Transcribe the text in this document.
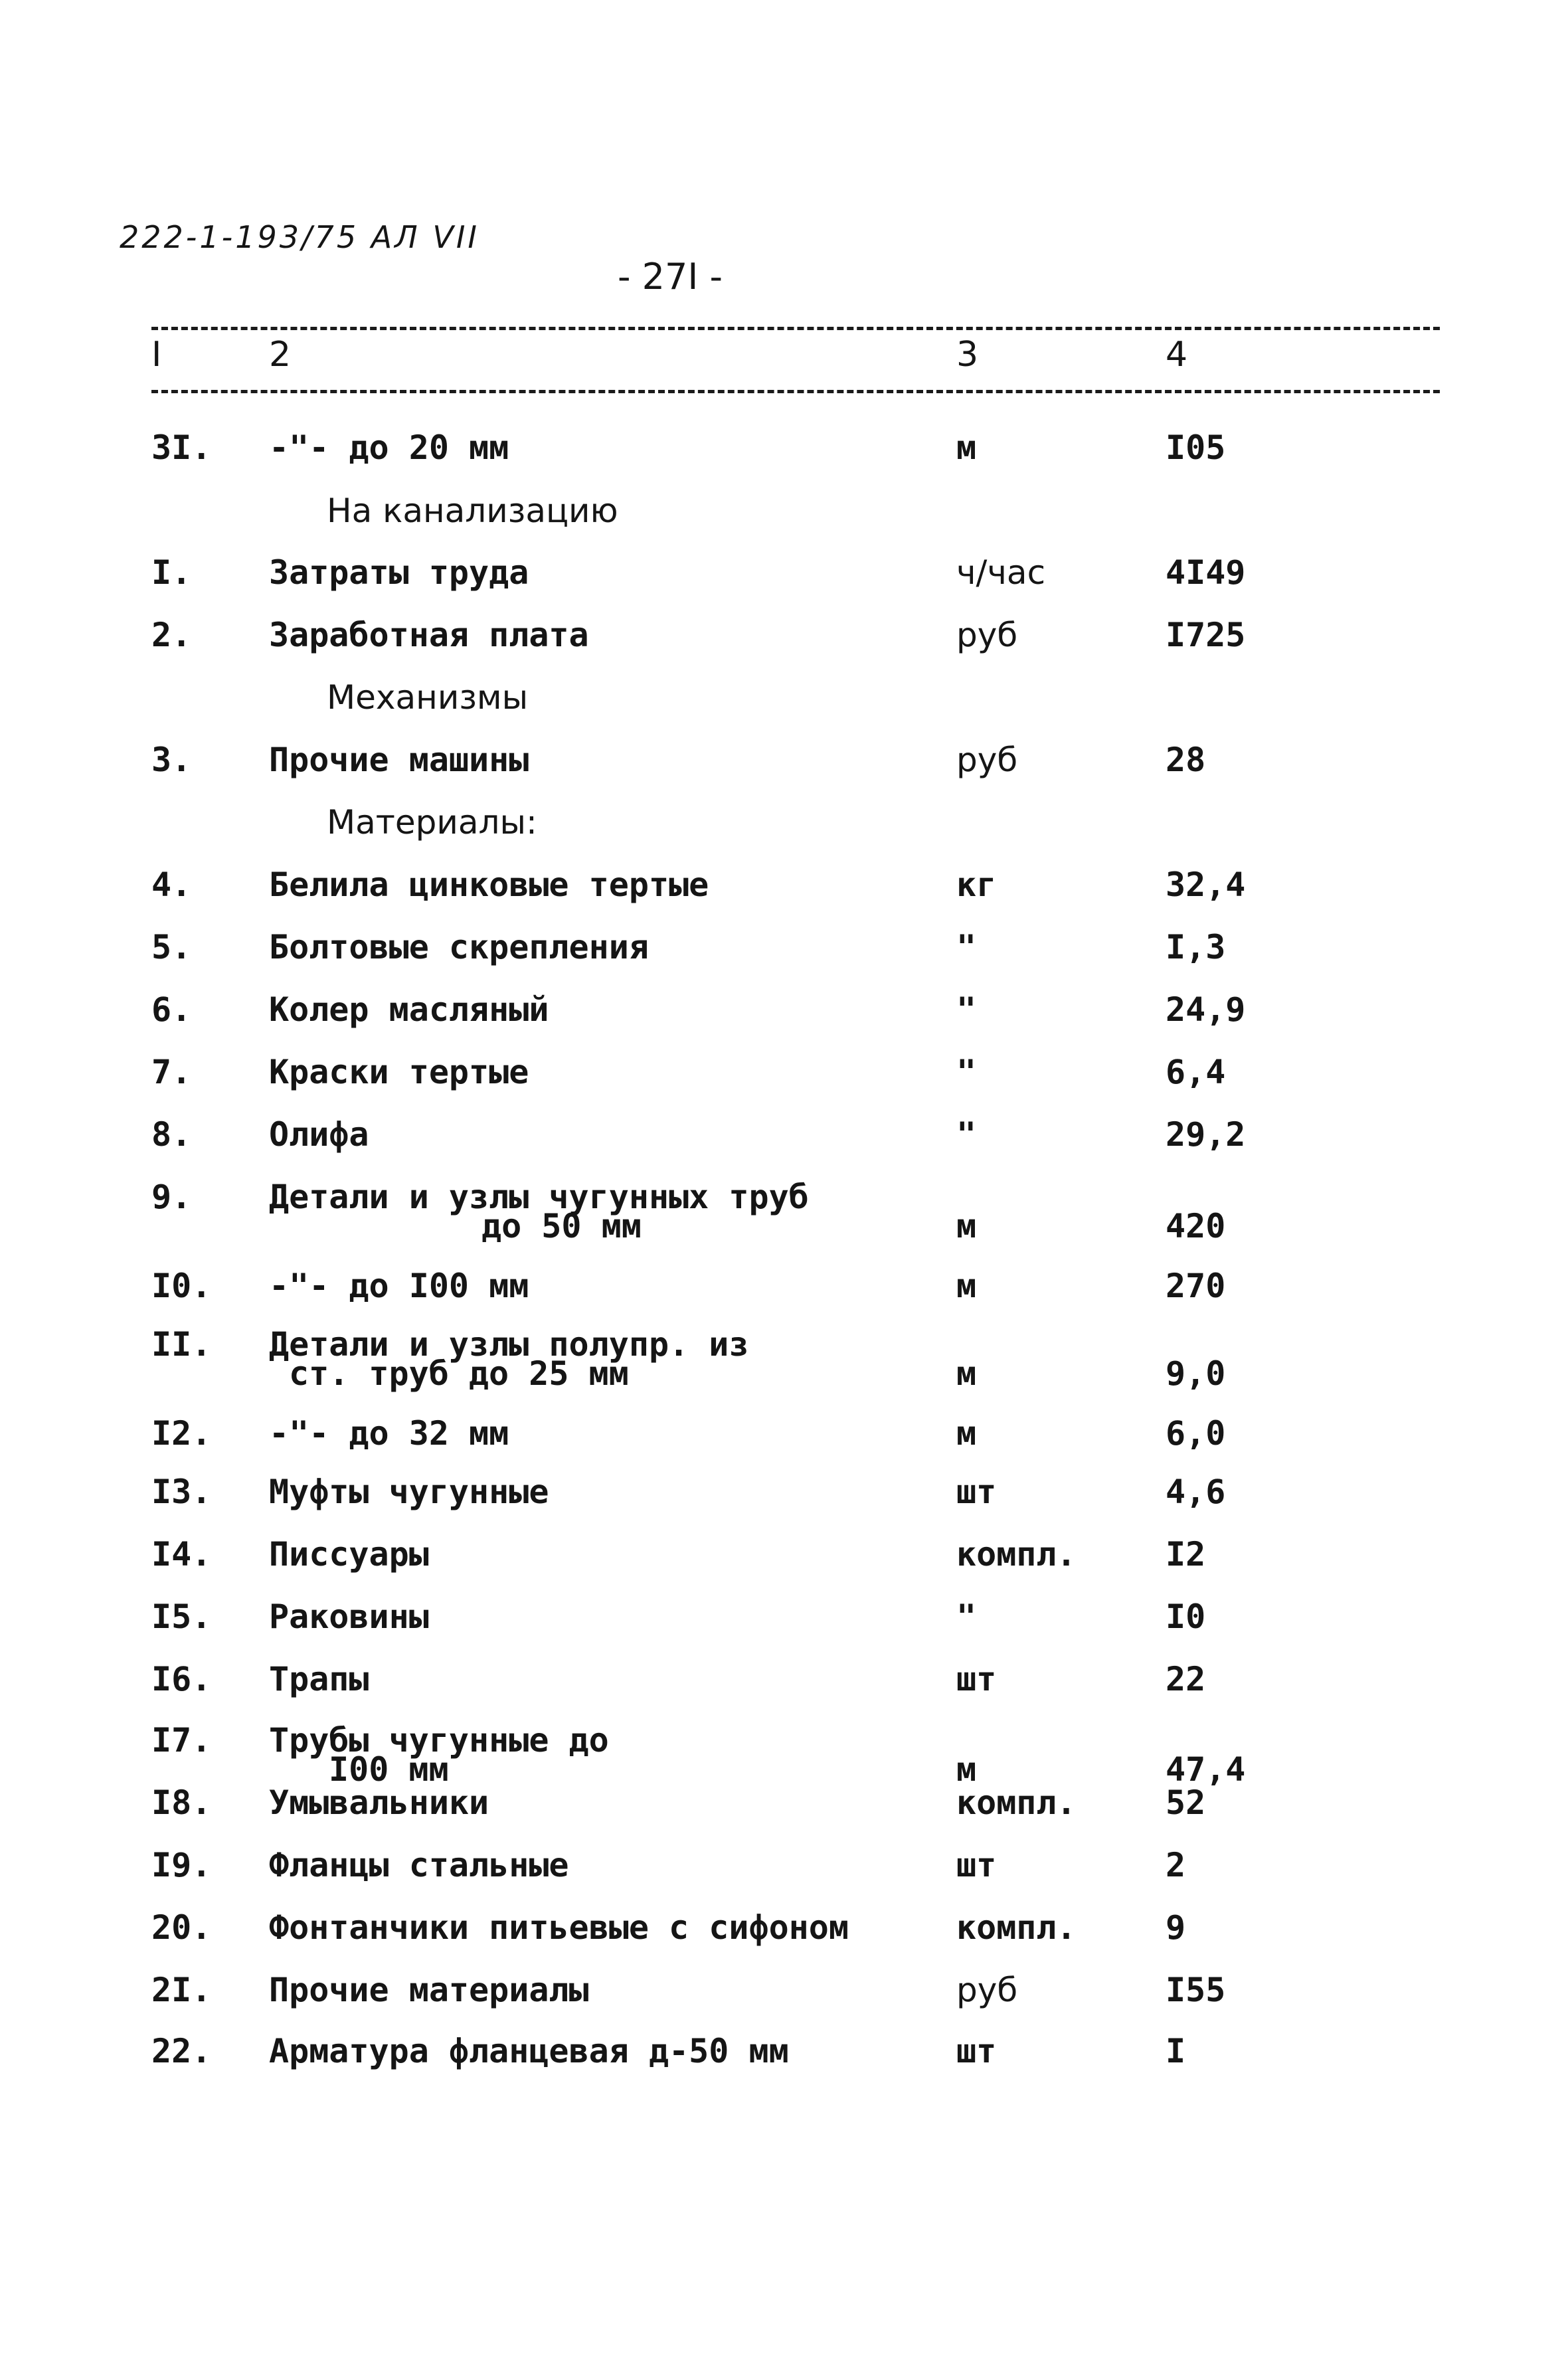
222-1-193/75 АЛ VII
- 27I -
I	2	3	4
3I. -"- до 20 мм	м	I05
На канализацию
I. Затраты труда	ч/час	4I49
2. Заработная плата	руб	I725
Механизмы
3. Прочие машины	руб	28
Материалы:
4. Белила цинковые тертые	кг	32,4
5. Болтовые скрепления	"	I,3
6. Колер масляный	"	24,9
7. Краски тертые	"	6,4
8. Олифа	"	29,2
9. Детали и узлы чугунных труб
до 50 мм	м	420
I0. -"- до I00 мм	м	270
II. Детали и узлы полупр. из
ст. труб до 25 мм	м	9,0
I2. -"- до 32 мм	м	6,0
I3. Муфты чугунные	шт	4,6
I4. Писсуары	компл.	I2
I5. Раковины	"	I0
I6. Трапы	шт	22
I7. Трубы чугунные до
I00 мм	м	47,4
I8. Умывальники	компл.	52
I9. Фланцы стальные	шт	2
20. Фонтанчики питьевые с сифоном	компл.	9
2I. Прочие материалы	руб	I55
22. Арматура фланцевая д-50 мм	шт	I
